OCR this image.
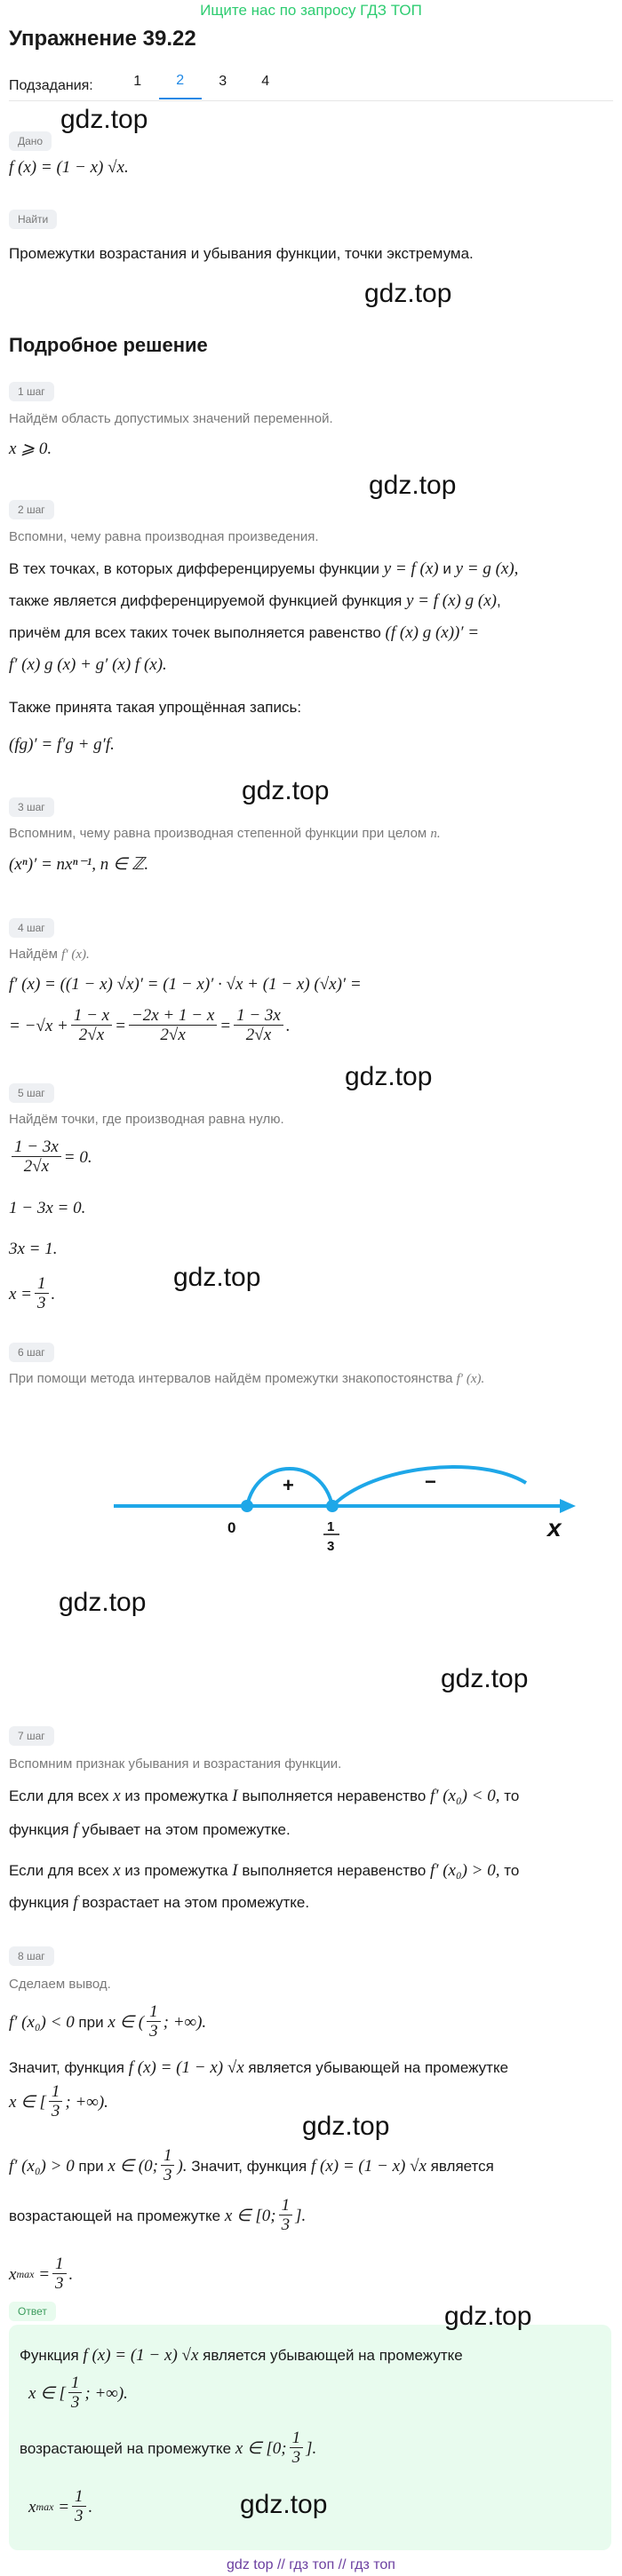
Ищите нас по запросу ГДЗ ТОП
Упражнение 39.22
Подзадания:	1	2	3	4
Дано
gdz.top
f (x) = (1 − x) √x.
Найти
Промежутки возрастания и убывания функции, точки экстремума.
gdz.top
Подробное решение
1 шаг
Найдём область допустимых значений переменной.
x ⩾ 0.
gdz.top
2 шаг
Вспомни, чему равна производная произведения.
В тех точках, в которых дифференцируемы функции y = f (x) и y = g (x),
также является дифференцируемой функцией функция y = f (x) g (x),
причём для всех таких точек выполняется равенство (f (x) g (x))′ =
f′ (x) g (x) + g′ (x) f (x).
Также принята такая упрощённая запись:
(fg)′ = f′g + g′f.
gdz.top
3 шаг
Вспомним, чему равна производная степенной функции при целом n.
(xⁿ)′ = nxⁿ⁻¹, n ∈ ℤ.
4 шаг
Найдём f′ (x).
f′ (x) = ((1 − x) √x)′ = (1 − x)′ · √x + (1 − x) (√x)′ =
= $-√x + \frac{1 - x}{2√x} = \frac{-2x + 1 - x}{2√x} = \frac{1 - 3x}{2√x}$ .
gdz.top
5 шаг
Найдём точки, где производная равна нулю.
$\frac{1 - 3x}{2√x} = 0$.
1 − 3x = 0.
3x = 1.
$x = \frac{1}{3}$ .
gdz.top
6 шаг
При помощи метода интервалов найдём промежутки знакопостоянства f′ (x).
+	−
0	1
3
x
gdz.top
gdz.top
7 шаг
Вспомним признак убывания и возрастания функции.
Если для всех x из промежутка I выполняется неравенство f′ (x₀) < 0, то
функция f убывает на этом промежутке.
Если для всех x из промежутка I выполняется неравенство f′ (x₀) > 0, то
функция f возрастает на этом промежутке.
8 шаг
Сделаем вывод.
f′ (x₀) < 0 при x ∈ ( $\frac{1}{3}$ ; +∞).
Значит, функция f (x) = (1 − x) √x является убывающей на промежутке
x ∈ [ $\frac{1}{3}$ ; +∞).
gdz.top
f′ (x₀) > 0 при x ∈ (0; $\frac{1}{3}$ ). Значит, функция f (x) = (1 − x) √x является
возрастающей на промежутке x ∈ [0; $\frac{1}{3}$ ].
x $\max = \frac{1}{3}$ .
Ответ	gdz.top
Функция f (x) = (1 − x) √x является убывающей на промежутке
x ∈ [ $\frac{1}{3}$ ; +∞).
возрастающей на промежутке x ∈ [0; $\frac{1}{3}$ ].
x $\max = \frac{1}{3}$ .	gdz.top
gdz top // гдз топ // гдз топ
